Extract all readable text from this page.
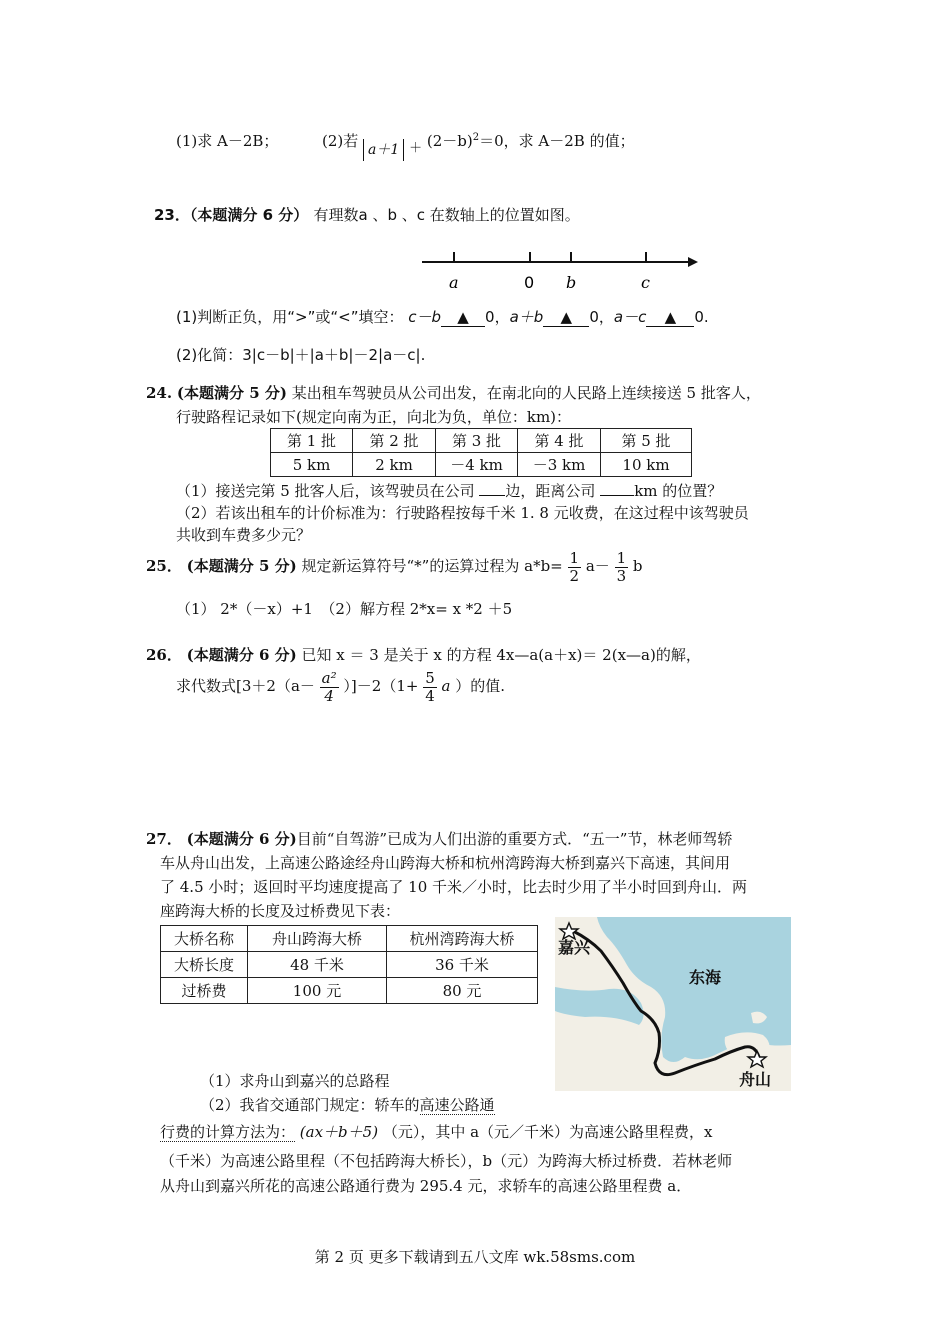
(1)求 A－2B；	(2)若 $a+1 + (2-b)^2=0$，求 A－2B 的值；
23．（本题满分 6 分） 有理数a 、b 、c 在数轴上的位置如图。
a	0 b	c
(1)判断正负，用“>”或“<”填空： c－b ▲ 0，a＋b ▲ 0，a－c ▲ 0.
(2)化简：3|c－b|＋|a＋b|－2|a－c|.
24. (本题满分 5 分) 某出租车驾驶员从公司出发，在南北向的人民路上连续接送 5 批客人，
行驶路程记录如下(规定向南为正，向北为负，单位：km)：
第 1 批	第 2 批	第 3 批	第 4 批	第 5 批
5 km	2 km	－4 km	－3 km	10 km
（1）接送完第 5 批客人后，该驾驶员在公司 边，距离公司	km 的位置？
（2）若该出租车的计价标准为：行驶路程按每千米 1. 8 元收费，在这过程中该驾驶员
共收到车费多少元？
25． (本题满分 5 分) 规定新运算符号“*”的运算过程为 $a*b= \frac{1}{2} a- \frac{1}{3}$ b
（1） 2*（－x）+1　（2）解方程 2*x= x *2 ＋5
26． (本题满分 6 分) 已知 x ＝ 3 是关于 x 的方程 4x—a(a＋x)＝ 2(x—a)的解，
求代数式$[3+2(a- \frac{\text{a²}}{4} )]-2(1+ \frac{5}{4}$ a ）的值.
27． (本题满分 6 分)目前“自驾游”已成为人们出游的重要方式．“五一”节，林老师驾轿
车从舟山出发，上高速公路途经舟山跨海大桥和杭州湾跨海大桥到嘉兴下高速，其间用
了 4.5 小时；返回时平均速度提高了 10 千米／小时，比去时少用了半小时回到舟山．两
座跨海大桥的长度及过桥费见下表：
大桥名称	舟山跨海大桥	杭州湾跨海大桥
大桥长度	48 千米	36 千米
过桥费	100 元	80 元
嘉兴
东海
舟山
（1）求舟山到嘉兴的总路程
（2）我省交通部门规定：轿车的高速公路通
行费的计算方法为： (ax＋b＋5) （元），其中 a（元／千米）为高速公路里程费，x
（千米）为高速公路里程（不包括跨海大桥长），b（元）为跨海大桥过桥费．若林老师
从舟山到嘉兴所花的高速公路通行费为 295.4 元，求轿车的高速公路里程费 a．
第 2 页 更多下载请到五八文库 wk.58sms.com
